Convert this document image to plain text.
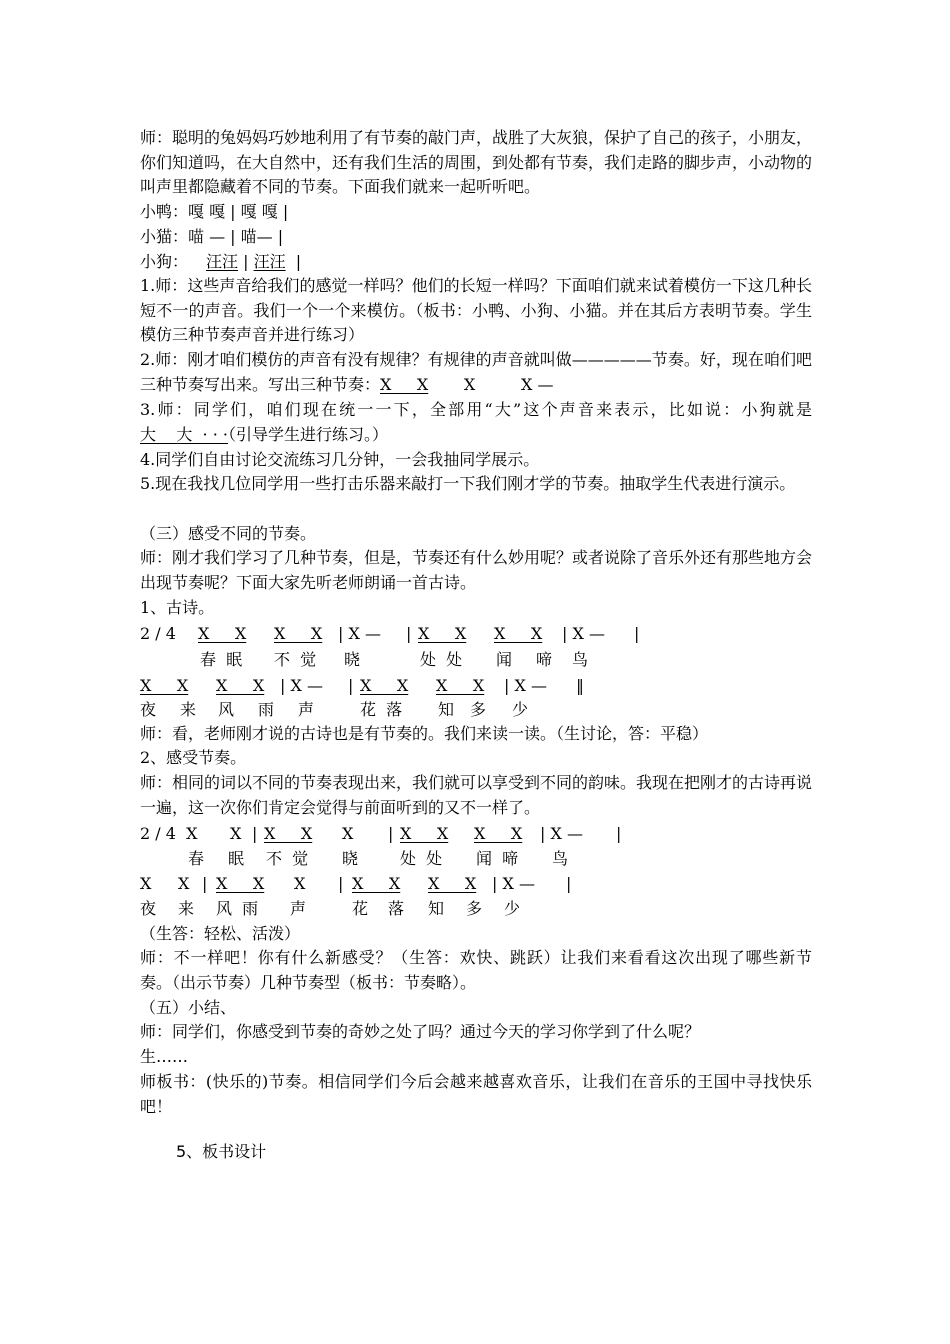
师：聪明的兔妈妈巧妙地利用了有节奏的敲门声，战胜了大灰狼，保护了自己的孩子，小朋友，你们知道吗，在大自然中，还有我们生活的周围，到处都有节奏，我们走路的脚步声，小动物的叫声里都隐藏着不同的节奏。下面我们就来一起听听吧。

小鸭：嘎 嘎 | 嘎 嘎 |
小猫：喵 — | 喵— |
小狗： 汪汪 | 汪汪  |

1.师：这些声音给我们的感觉一样吗？他们的长短一样吗？下面咱们就来试着模仿一下这几种长短不一的声音。我们一个一个来模仿。（板书：小鸭、小狗、小猫。并在其后方表明节奏。学生模仿三种节奏声音并进行练习）

2.师：刚才咱们模仿的声音有没有规律？有规律的声音就叫做—————节奏。好，现在咱们吧三种节奏写出来。写出三种节奏：X     X       X         X —

3.师：同学们，咱们现在统一一下，全部用“大”这个声音来表示，比如说：小狗就是大    大  · · ·（引导学生进行练习。）

4.同学们自由讨论交流练习几分钟，一会我抽同学展示。

5.现在我找几位同学用一些打击乐器来敲打一下我们刚才学的节奏。抽取学生代表进行演示。

（三）感受不同的节奏。

师：刚才我们学习了几种节奏，但是，节奏还有什么妙用呢？或者说除了音乐外还有那些地方会出现节奏呢？下面大家先听老师朗诵一首古诗。

1、古诗。

2 / 4 X     X X     X | X — | X     X X     X | X — |
春  眠 不  觉 晓	处  处 闻 啼 鸟
X     X X     X | X — | X     X X     X | X — ‖
夜 来 风 雨 声	花  落 知 多 少

师：看，老师刚才说的古诗也是有节奏的。我们来读一读。（生讨论，答：平稳）

2、感受节奏。

师：相同的词以不同的节奏表现出来，我们就可以享受到不同的韵味。我现在把刚才的古诗再说一遍，这一次你们肯定会觉得与前面听到的又不一样了。

2 / 4  X X | X     X X | X     X X     X | X — |
春 眠 不  觉 晓	处  处 闻  啼 鸟
X X | X     X X | X     X X     X | X — |
夜 来 风  雨 声	花 落 知 多 少

（生答：轻松、活泼）

师：不一样吧！你有什么新感受？（生答：欢快、跳跃）让我们来看看这次出现了哪些新节奏。（出示节奏）几种节奏型（板书：节奏略）。

（五）小结、

师：同学们，你感受到节奏的奇妙之处了吗？通过今天的学习你学到了什么呢？

生……

师板书：(快乐的)节奏。相信同学们今后会越来越喜欢音乐，让我们在音乐的王国中寻找快乐吧！

5、板书设计
